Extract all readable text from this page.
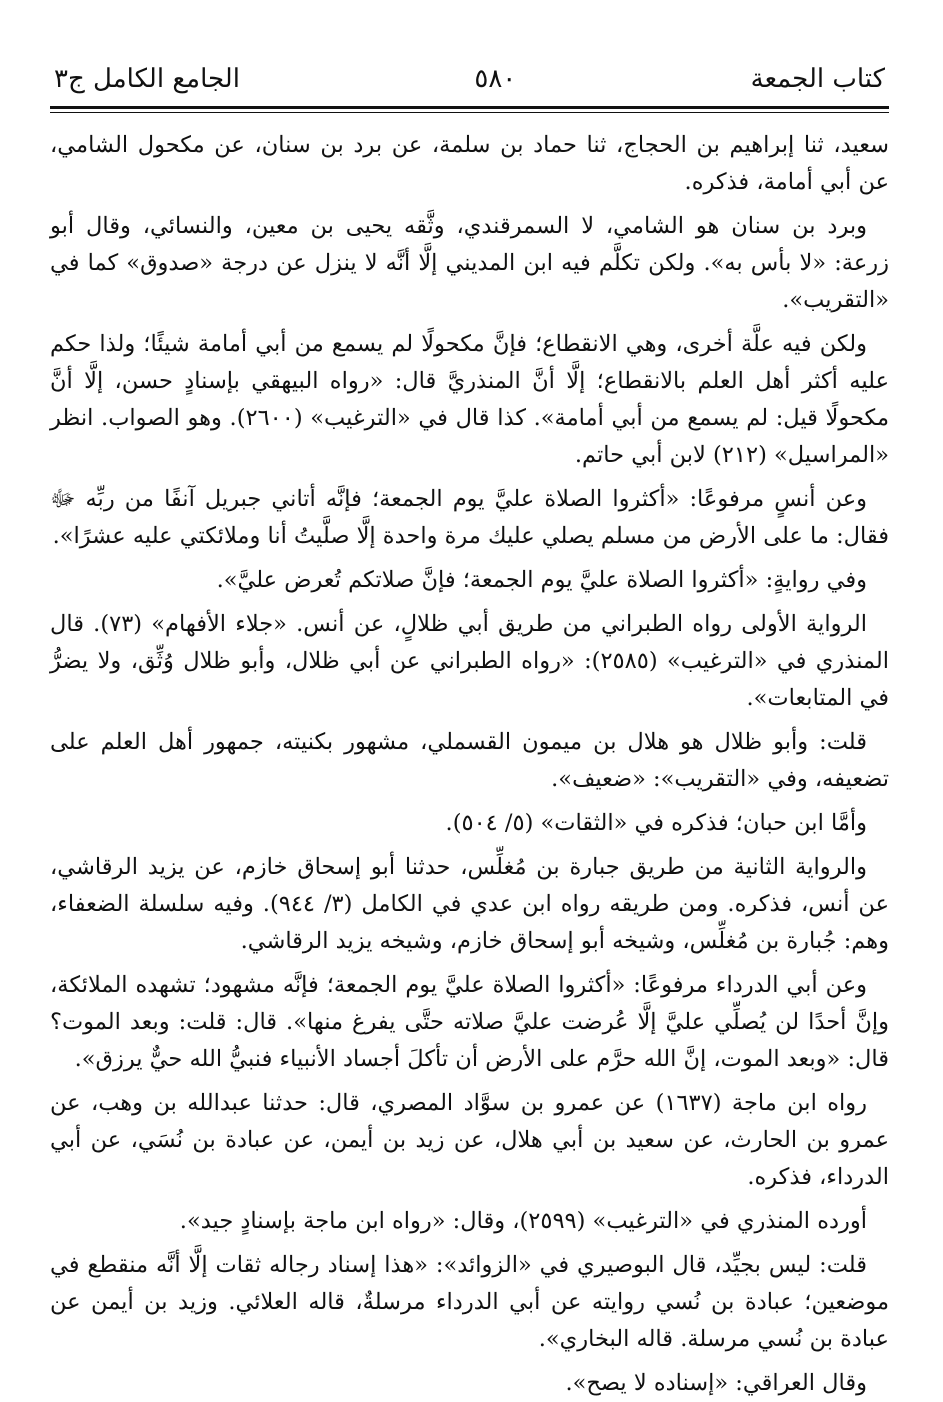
كتاب الجمعة
٥٨٠
الجامع الكامل ج٣

سعيد، ثنا إبراهيم بن الحجاج، ثنا حماد بن سلمة، عن برد بن سنان، عن مكحول الشامي، عن أبي أمامة، فذكره.

وبرد بن سنان هو الشامي، لا السمرقندي، وثَّقه يحيى بن معين، والنسائي، وقال أبو زرعة: «لا بأس به». ولكن تكلَّم فيه ابن المديني إلَّا أنَّه لا ينزل عن درجة «صدوق» كما في «التقريب».

ولكن فيه علَّة أخرى، وهي الانقطاع؛ فإنَّ مكحولًا لم يسمع من أبي أمامة شيئًا؛ ولذا حكم عليه أكثر أهل العلم بالانقطاع؛ إلَّا أنَّ المنذريَّ قال: «رواه البيهقي بإسنادٍ حسن، إلَّا أنَّ مكحولًا قيل: لم يسمع من أبي أمامة». كذا قال في «الترغيب» (٢٦٠٠). وهو الصواب. انظر «المراسيل» (٢١٢) لابن أبي حاتم.

وعن أنسٍ مرفوعًا: «أكثروا الصلاة عليَّ يوم الجمعة؛ فإنَّه أتاني جبريل آنفًا من ربِّه ﷻ فقال: ما على الأرض من مسلم يصلي عليك مرة واحدة إلَّا صلَّيتُ أنا وملائكتي عليه عشرًا».

وفي روايةٍ: «أكثروا الصلاة عليَّ يوم الجمعة؛ فإنَّ صلاتكم تُعرض عليَّ».

الرواية الأولى رواه الطبراني من طريق أبي ظلالٍ، عن أنس. «جلاء الأفهام» (٧٣). قال المنذري في «الترغيب» (٢٥٨٥): «رواه الطبراني عن أبي ظلال، وأبو ظلال وُثِّق، ولا يضرُّ في المتابعات».

قلت: وأبو ظلال هو هلال بن ميمون القسملي، مشهور بكنيته، جمهور أهل العلم على تضعيفه، وفي «التقريب»: «ضعيف».

وأمَّا ابن حبان؛ فذكره في «الثقات» (٥/ ٥٠٤).

والرواية الثانية من طريق جبارة بن مُغلِّس، حدثنا أبو إسحاق خازم، عن يزيد الرقاشي، عن أنس، فذكره. ومن طريقه رواه ابن عدي في الكامل (٣/ ٩٤٤). وفيه سلسلة الضعفاء، وهم: جُبارة بن مُغلِّس، وشيخه أبو إسحاق خازم، وشيخه يزيد الرقاشي.

وعن أبي الدرداء مرفوعًا: «أكثروا الصلاة عليَّ يوم الجمعة؛ فإنَّه مشهود؛ تشهده الملائكة، وإنَّ أحدًا لن يُصلِّي عليَّ إلَّا عُرضت عليَّ صلاته حتَّى يفرغ منها». قال: قلت: وبعد الموت؟ قال: «وبعد الموت، إنَّ الله حرَّم على الأرض أن تأكلَ أجساد الأنبياء فنبيُّ الله حيٌّ يرزق».

رواه ابن ماجة (١٦٣٧) عن عمرو بن سوَّاد المصري، قال: حدثنا عبدالله بن وهب، عن عمرو بن الحارث، عن سعيد بن أبي هلال، عن زيد بن أيمن، عن عبادة بن نُسَي، عن أبي الدرداء، فذكره.

أورده المنذري في «الترغيب» (٢٥٩٩)، وقال: «رواه ابن ماجة بإسنادٍ جيد».

قلت: ليس بجيِّد، قال البوصيري في «الزوائد»: «هذا إسناد رجاله ثقات إلَّا أنَّه منقطع في موضعين؛ عبادة بن نُسي روايته عن أبي الدرداء مرسلةٌ، قاله العلائي. وزيد بن أيمن عن عبادة بن نُسي مرسلة. قاله البخاري».

وقال العراقي: «إسناده لا يصح».
